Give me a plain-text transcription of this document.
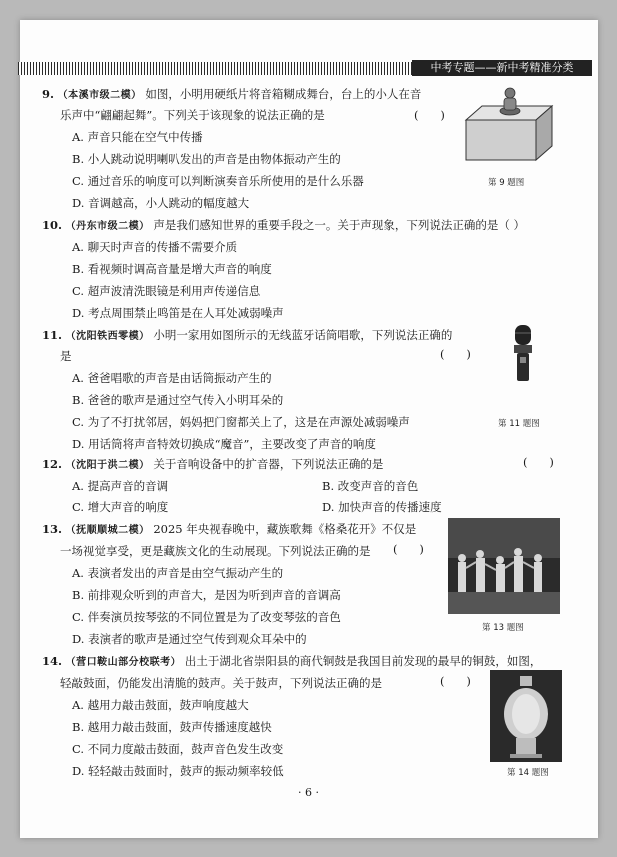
中考专题——新中考精准分类
9. （本溪市级二模） 如图，小明用硬纸片将音箱糊成舞台，台上的小人在音
乐声中“翩翩起舞”。下列关于该现象的说法正确的是	(      )
A. 声音只能在空气中传播
B. 小人跳动说明喇叭发出的声音是由物体振动产生的
C. 通过音乐的响度可以判断演奏音乐所使用的是什么乐器
D. 音调越高，小人跳动的幅度越大
第 9 题图
10. （丹东市级二模） 声是我们感知世界的重要手段之一。关于声现象，下列说法正确的是（ ）
A. 聊天时声音的传播不需要介质
B. 看视频时调高音量是增大声音的响度
C. 超声波清洗眼镜是利用声传递信息
D. 考点周围禁止鸣笛是在人耳处减弱噪声
11. （沈阳铁西零模） 小明一家用如图所示的无线蓝牙话筒唱歌，下列说法正确的
是	(      )
A. 爸爸唱歌的声音是由话筒振动产生的
B. 爸爸的歌声是通过空气传入小明耳朵的
C. 为了不打扰邻居，妈妈把门窗都关上了，这是在声源处减弱噪声
D. 用话筒将声音特效切换成“魔音”，主要改变了声音的响度
第 11 题图
12. （沈阳于洪二模） 关于音响设备中的扩音器，下列说法正确的是	(      )
A. 提高声音的音调	B. 改变声音的音色
C. 增大声音的响度	D. 加快声音的传播速度
13. （抚顺顺城二模） 2025 年央视春晚中，藏族歌舞《格桑花开》不仅是
一场视觉享受，更是藏族文化的生动展现。下列说法正确的是 (      )
A. 表演者发出的声音是由空气振动产生的
B. 前排观众听到的声音大，是因为听到声音的音调高
C. 伴奏演员按琴弦的不同位置是为了改变琴弦的音色
D. 表演者的歌声是通过空气传到观众耳朵中的
第 13 题图
14. （营口鞍山部分校联考） 出土于湖北省崇阳县的商代铜鼓是我国目前发现的最早的铜鼓，如图，
轻敲鼓面，仍能发出清脆的鼓声。关于鼓声，下列说法正确的是	(      )
A. 越用力敲击鼓面，鼓声响度越大
B. 越用力敲击鼓面，鼓声传播速度越快
C. 不同力度敲击鼓面，鼓声音色发生改变
D. 轻轻敲击鼓面时，鼓声的振动频率较低	第 14 题图
· 6 ·
